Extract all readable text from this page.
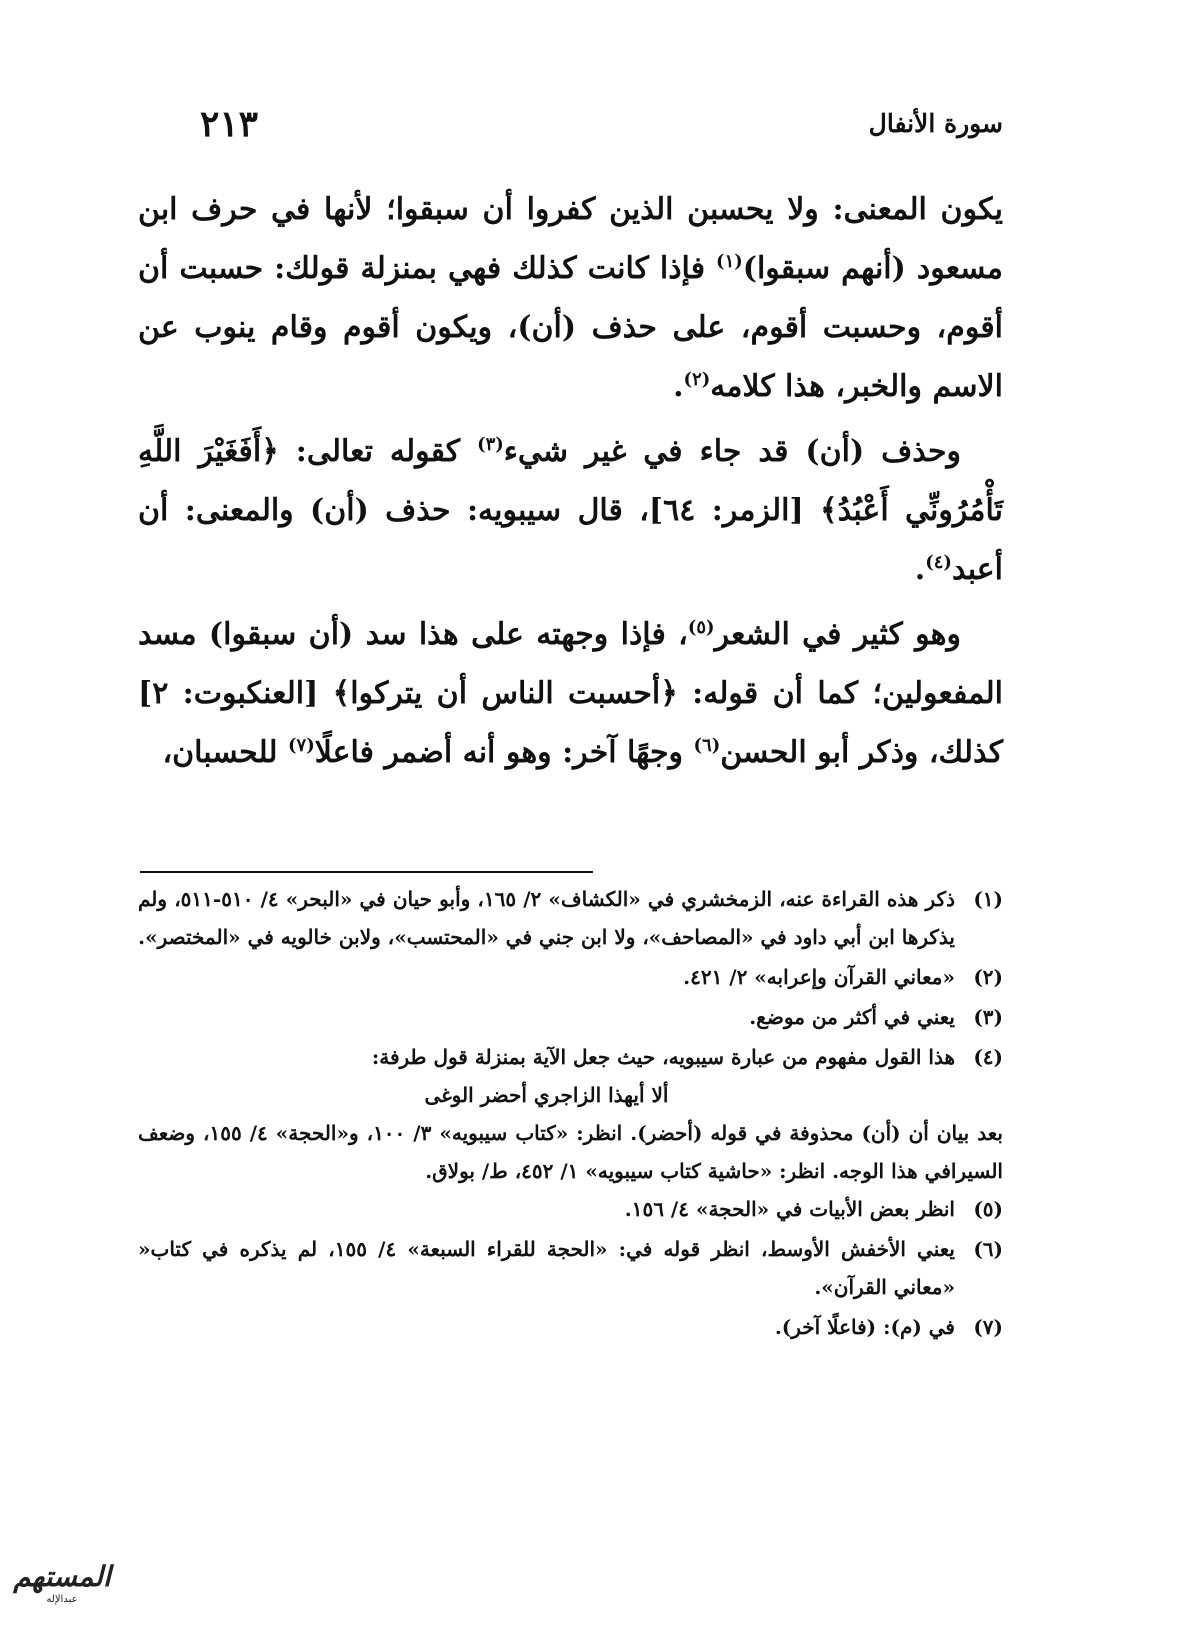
٢١٣	سورة الأنفال

يكون المعنى: ولا يحسبن الذين كفروا أن سبقوا؛ لأنها في حرف ابن مسعود (أنهم سبقوا)$^{(١)}$ فإذا كانت كذلك فهي بمنزلة قولك: حسبت أن أقوم، وحسبت أقوم، على حذف (أن)، ويكون أقوم وقام ينوب عن الاسم والخبر، هذا كلامه$^{(٢)}$.

وحذف (أن) قد جاء في غير شيء$^{(٣)}$ كقوله تعالى: ﴿أَفَغَيْرَ اللَّهِ تَأْمُرُونِّي أَعْبُدُ﴾ [الزمر: ٦٤]، قال سيبويه: حذف (أن) والمعنى: أن أعبد$^{(٤)}$.

وهو كثير في الشعر$^{(٥)}$، فإذا وجهته على هذا سد (أن سبقوا) مسد المفعولين؛ كما أن قوله: ﴿أحسبت الناس أن يتركوا﴾ [العنكبوت: ٢] كذلك، وذكر أبو الحسن$^{(٦)}$ وجهًا آخر: وهو أنه أضمر فاعلًا$^{(٧)}$ للحسبان،

(١)
ذكر هذه القراءة عنه، الزمخشري في «الكشاف» ٢/ ١٦٥، وأبو حيان في «البحر» ٤/ ٥١٠-٥١١، ولم يذكرها ابن أبي داود في «المصاحف»، ولا ابن جني في «المحتسب»، ولابن خالويه في «المختصر».
(٢)
«معاني القرآن وإعرابه» ٢/ ٤٢١.
(٣)
يعني في أكثر من موضع.
(٤)
هذا القول مفهوم من عبارة سيبويه، حيث جعل الآية بمنزلة قول طرفة:
ألا أيهذا الزاجري أحضر الوغى
بعد بيان أن (أن) محذوفة في قوله (أحضر). انظر: «كتاب سيبويه» ٣/ ١٠٠، و«الحجة» ٤/ ١٥٥، وضعف السيرافي هذا الوجه. انظر: «حاشية كتاب سيبويه» ١/ ٤٥٢، ط/ بولاق.
(٥)
انظر بعض الأبيات في «الحجة» ٤/ ١٥٦.
(٦)
يعني الأخفش الأوسط، انظر قوله في: «الحجة للقراء السبعة» ٤/ ١٥٥، لم يذكره في كتاب« «معاني القرآن».
(٧)
في (م): (فاعلًا آخر).
المستهم
عبدالإله
